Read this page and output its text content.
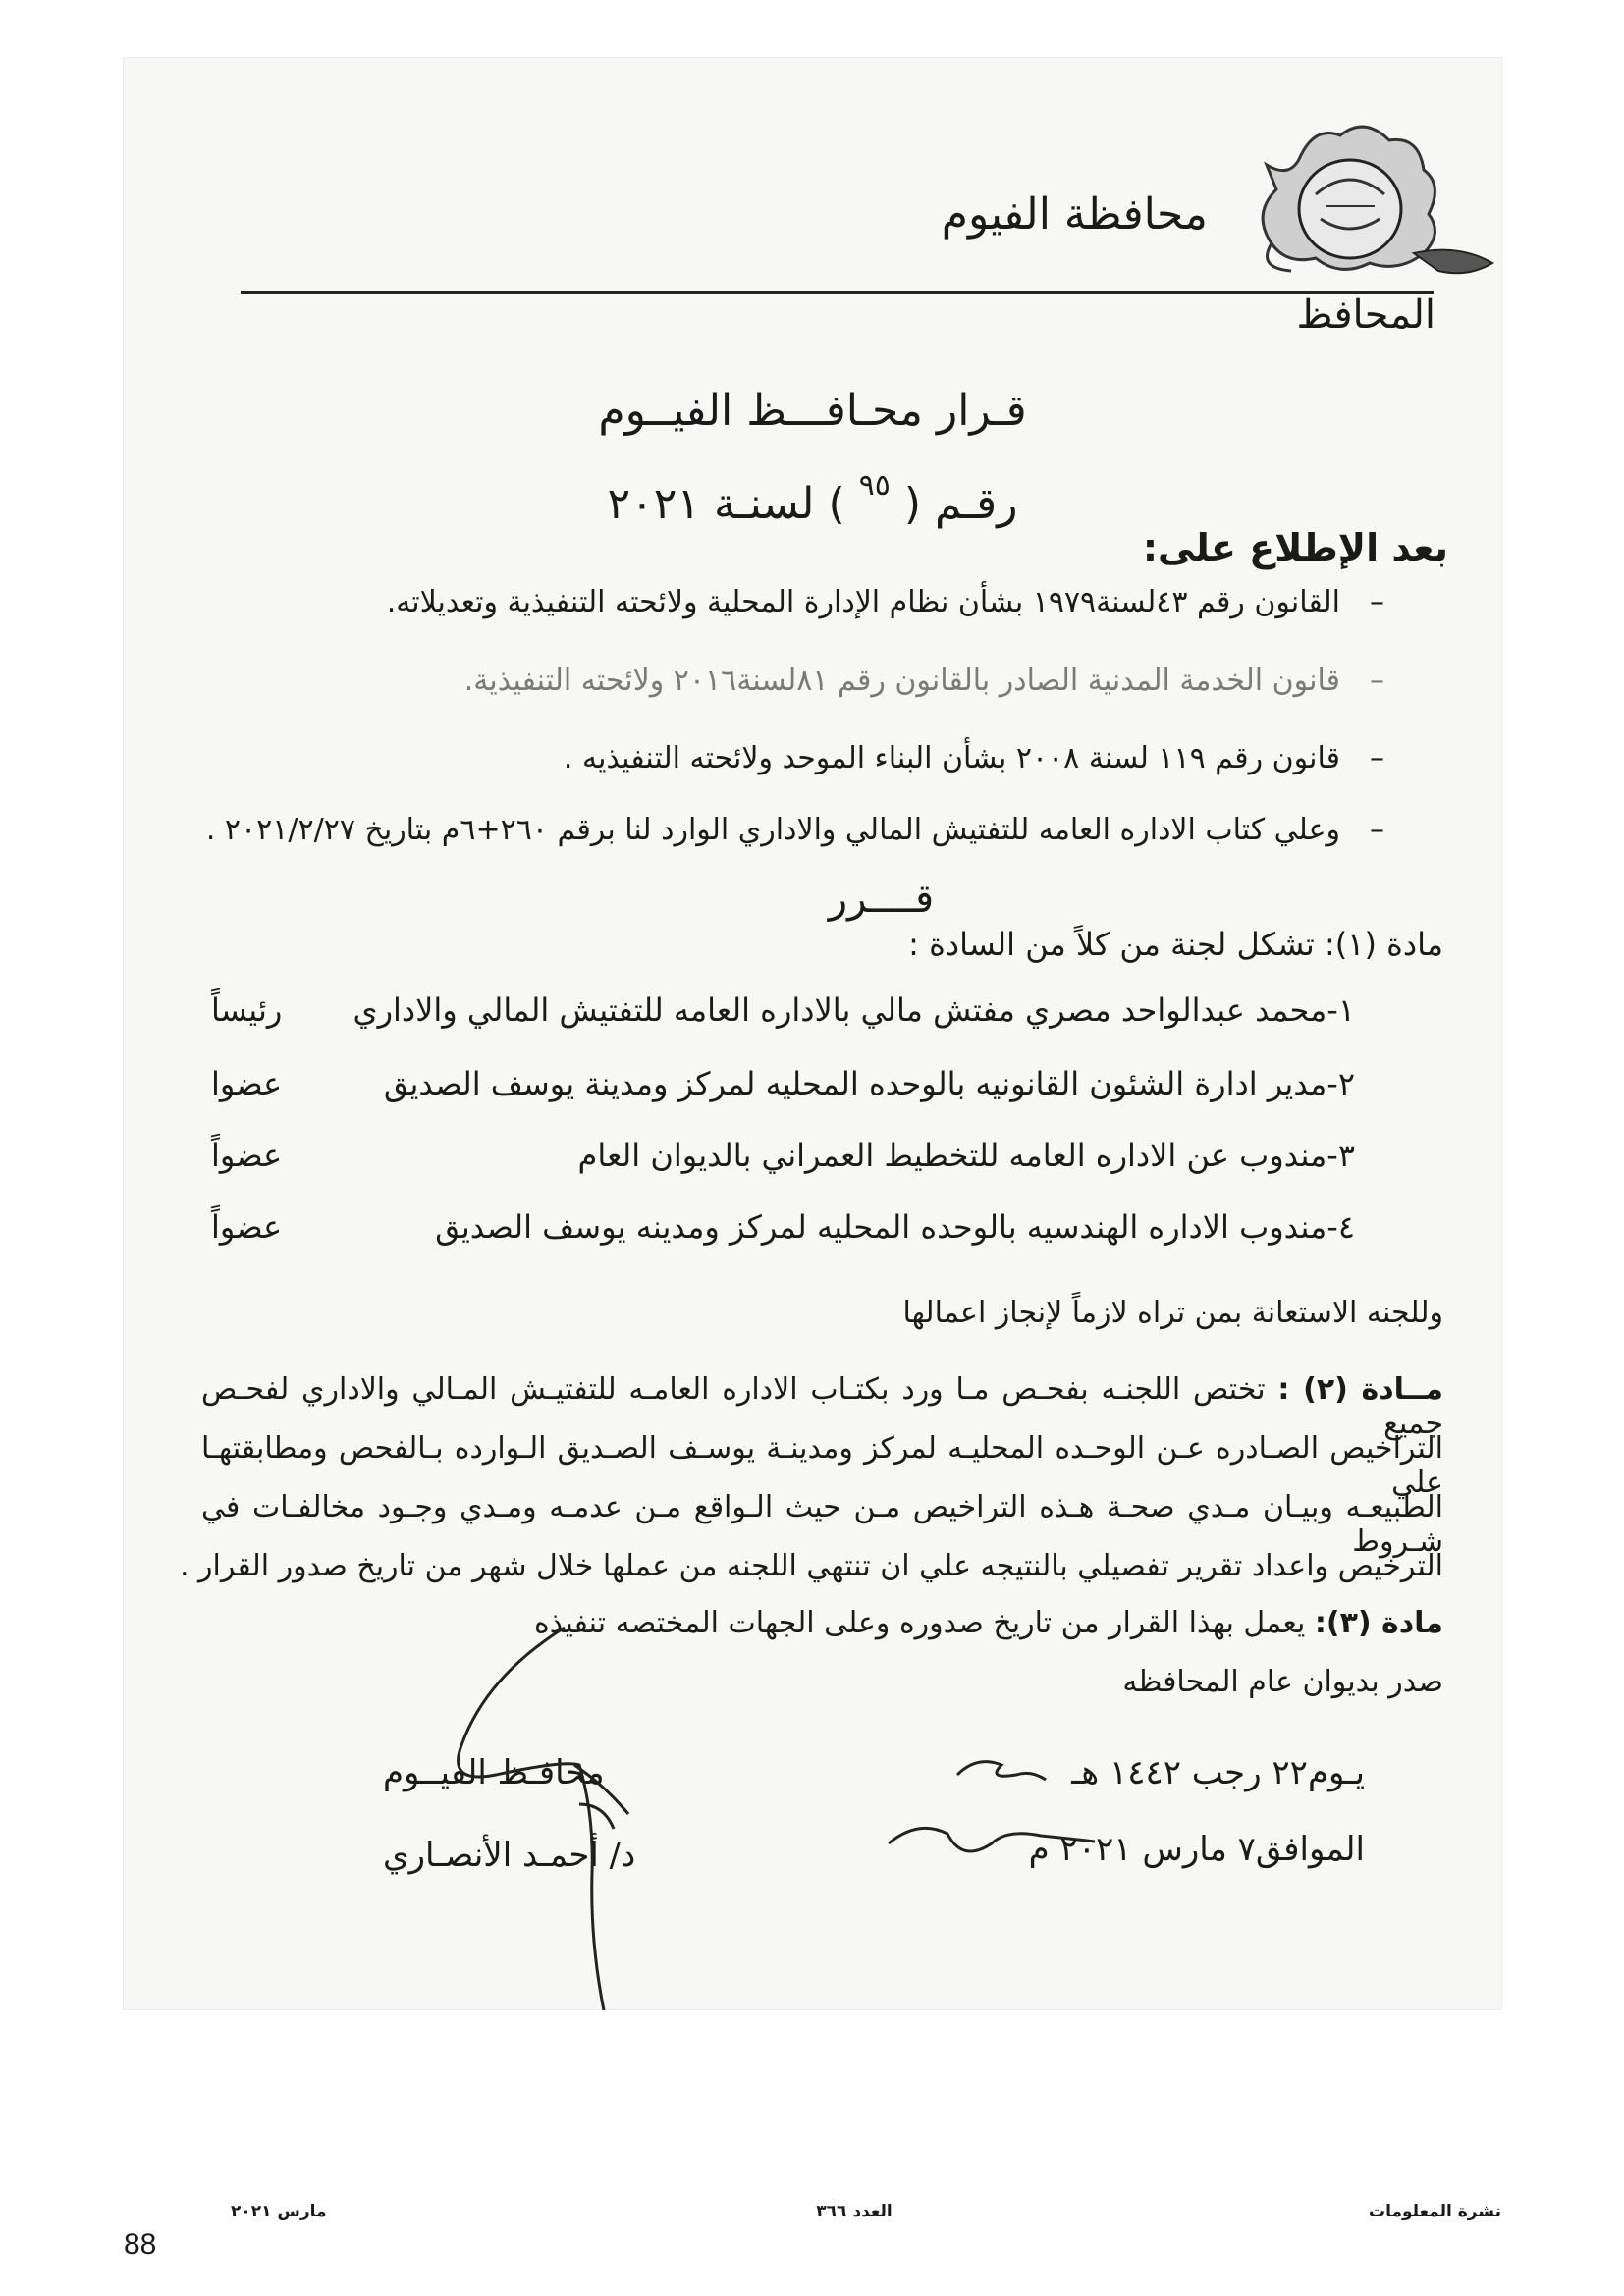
محافظة الفيوم
المحافظ
قـرار محـافـــظ الفيــوم
رقـم ( $^{٩٥}$ ) لسنـة ٢٠٢١
بعد الإطلاع على:
–القانون رقم ٤٣لسنة١٩٧٩ بشأن نظام الإدارة المحلية ولائحته التنفيذية وتعديلاته.
–قانون الخدمة المدنية الصادر بالقانون رقم ٨١لسنة٢٠١٦ ولائحته التنفيذية.
–قانون رقم ١١٩ لسنة ٢٠٠٨ بشأن البناء الموحد ولائحته التنفيذيه .
–وعلي كتاب الاداره العامه للتفتيش المالي والاداري الوارد لنا برقم ٢٦٠+٦م بتاريخ ٢٠٢١/٢/٢٧ .
قــــرر
مادة (١): تشكل لجنة من كلاً من السادة :
١-محمد عبدالواحد مصري مفتش مالي بالاداره العامه للتفتيش المالي والاداري
رئيساً
٢-مدير ادارة الشئون القانونيه بالوحده المحليه لمركز ومدينة يوسف الصديق
عضوا
٣-مندوب عن الاداره العامه للتخطيط العمراني بالديوان العام
عضواً
٤-مندوب الاداره الهندسيه بالوحده المحليه لمركز ومدينه يوسف الصديق
عضواً
وللجنه الاستعانة بمن تراه لازماً لإنجاز اعمالها
مــادة (٢) : تختص اللجنـه بفحـص مـا ورد بكتـاب الاداره العامـه للتفتيـش المـالي والاداري لفحـص جميع
التراخيص الصـادره عـن الوحـده المحليـه لمركز ومدينـة يوسـف الصـديق الـوارده بـالفحص ومطابقتهـا علي
الطبيعـه وبيـان مـدي صحـة هـذه التراخيص مـن حيث الـواقع مـن عدمـه ومـدي وجـود مخالفـات في شـروط
الترخيص واعداد تقرير تفصيلي بالنتيجه علي ان تنتهي اللجنه من عملها خلال شهر من تاريخ صدور القرار .
مادة (٣): يعمل بهذا القرار من تاريخ صدوره وعلى الجهات المختصه تنفيذه
صدر بديوان عام المحافظه
يـوم٢٢ رجب ١٤٤٢ هـ
الموافق٧ مارس ٢٠٢١ م
محافـظ الفيــوم
د/ أحمـد الأنصـاري
نشرة المعلومات
العدد ٣٦٦
مارس ٢٠٢١
88
